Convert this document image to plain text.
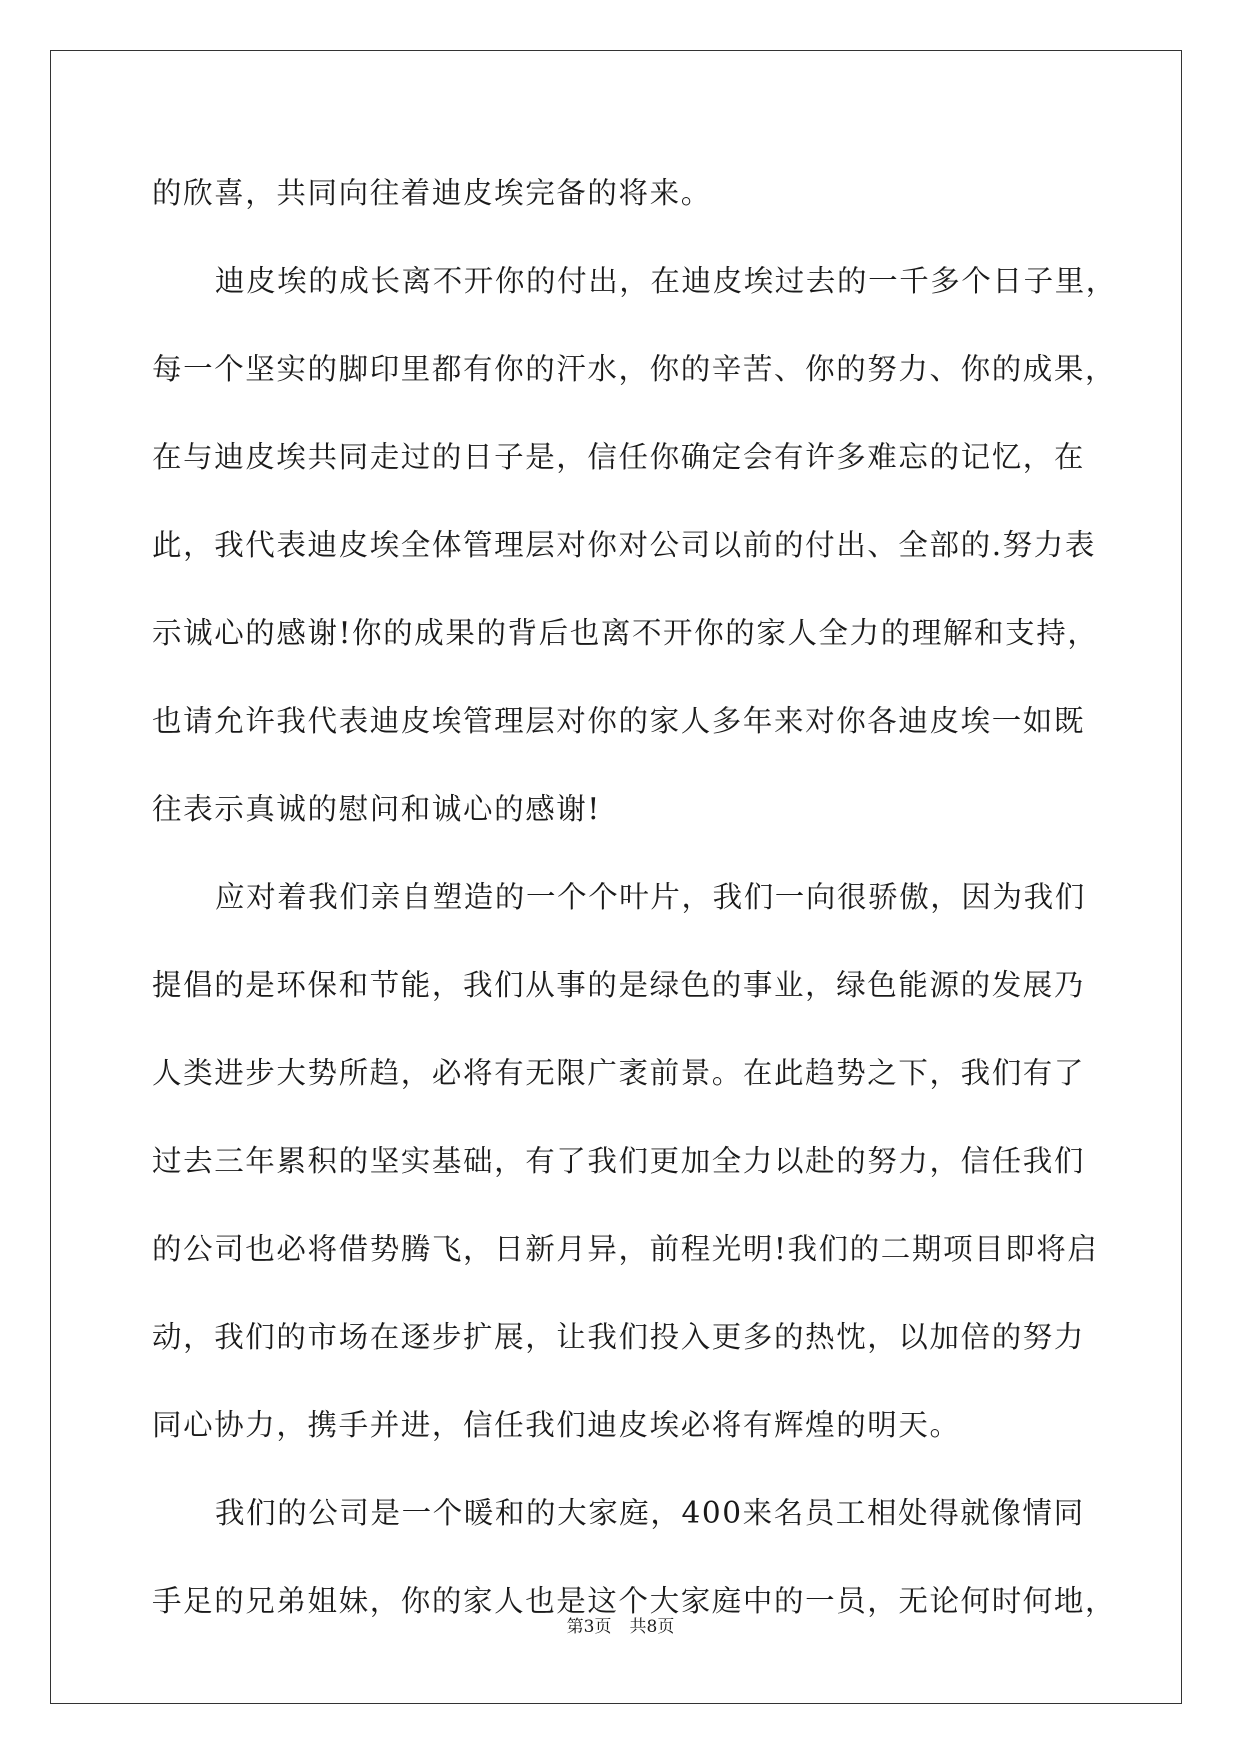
的欣喜，共同向往着迪皮埃完备的将来。
迪皮埃的成长离不开你的付出，在迪皮埃过去的一千多个日子里，
每一个坚实的脚印里都有你的汗水，你的辛苦、你的努力、你的成果，
在与迪皮埃共同走过的日子是，信任你确定会有许多难忘的记忆，在
此，我代表迪皮埃全体管理层对你对公司以前的付出、全部的.努力表
示诚心的感谢!你的成果的背后也离不开你的家人全力的理解和支持，
也请允许我代表迪皮埃管理层对你的家人多年来对你各迪皮埃一如既
往表示真诚的慰问和诚心的感谢!
应对着我们亲自塑造的一个个叶片，我们一向很骄傲，因为我们
提倡的是环保和节能，我们从事的是绿色的事业，绿色能源的发展乃
人类进步大势所趋，必将有无限广袤前景。在此趋势之下，我们有了
过去三年累积的坚实基础，有了我们更加全力以赴的努力，信任我们
的公司也必将借势腾飞，日新月异，前程光明!我们的二期项目即将启
动，我们的市场在逐步扩展，让我们投入更多的热忱，以加倍的努力
同心协力，携手并进，信任我们迪皮埃必将有辉煌的明天。
我们的公司是一个暖和的大家庭，400来名员工相处得就像情同
手足的兄弟姐妹，你的家人也是这个大家庭中的一员，无论何时何地，
第3页 共8页
